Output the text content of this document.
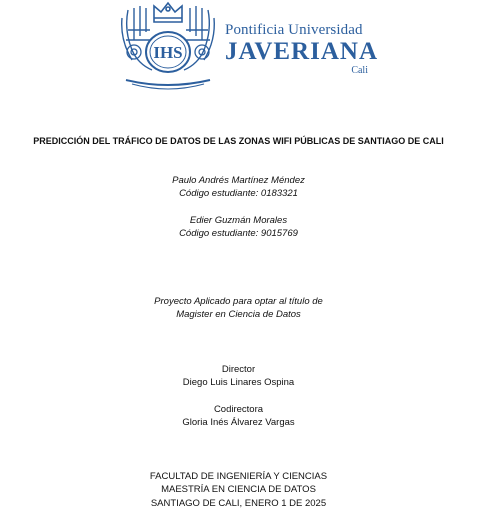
IHS
Pontificia Universidad
JAVERIANA
Cali
PREDICCIÓN DEL TRÁFICO DE DATOS DE LAS ZONAS WIFI PÚBLICAS DE SANTIAGO DE CALI
Paulo Andrés Martínez Méndez
Código estudiante: 0183321
Edier Guzmán Morales
Código estudiante: 9015769
Proyecto Aplicado para optar al título de
Magister en Ciencia de Datos
Director
Diego Luis Linares Ospina
Codirectora
Gloria Inés Álvarez Vargas
FACULTAD DE INGENIERÍA Y CIENCIAS
MAESTRÍA EN CIENCIA DE DATOS
SANTIAGO DE CALI, ENERO 1 DE 2025
